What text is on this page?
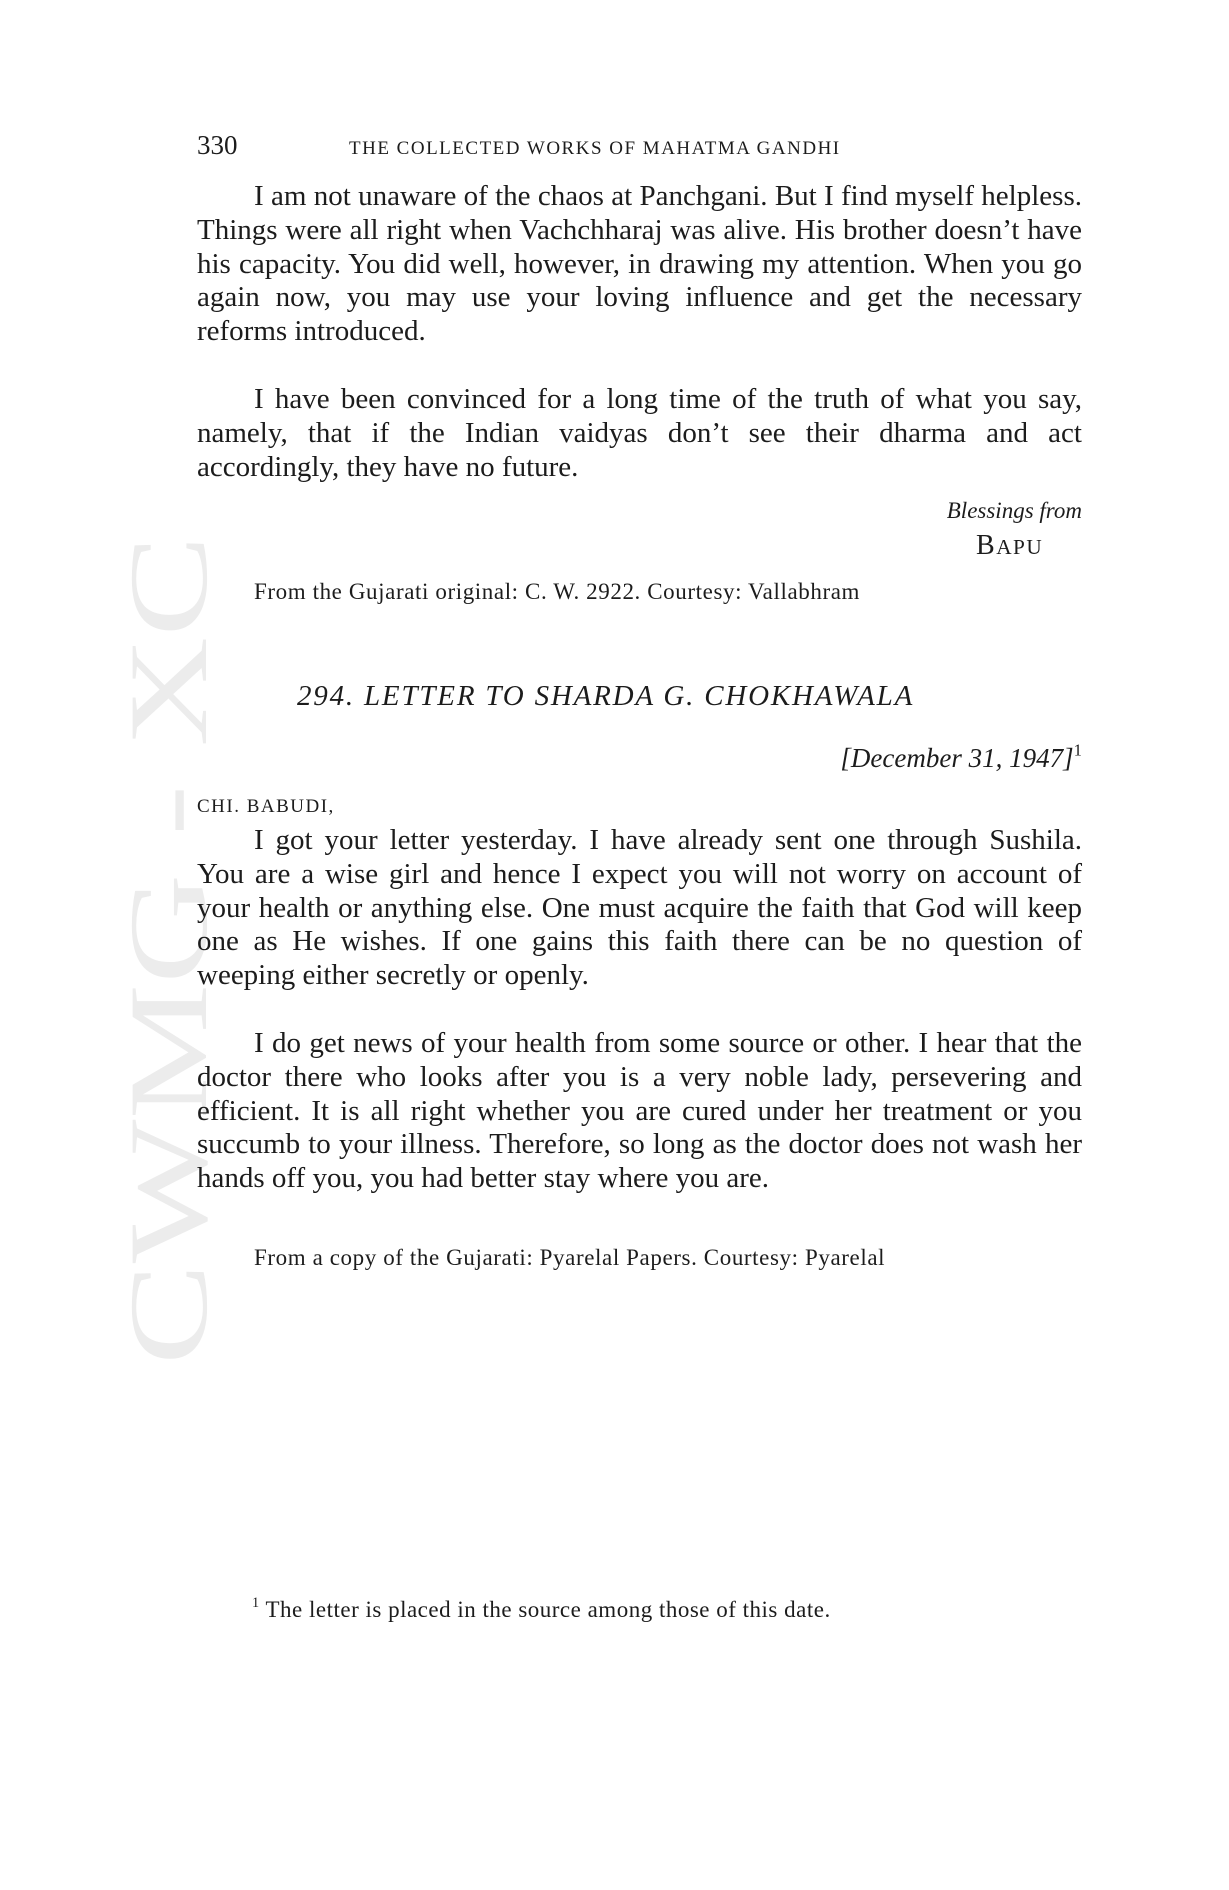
CWMG - XC
330	THE COLLECTED WORKS OF MAHATMA GANDHI

I am not unaware of the chaos at Panchgani. But I find myself helpless. Things were all right when Vachchharaj was alive. His brother doesn’t have his capacity. You did well, however, in drawing my attention. When you go again now, you may use your loving influence and get the necessary reforms introduced.

I have been convinced for a long time of the truth of what you say, namely, that if the Indian vaidyas don’t see their dharma and act accordingly, they have no future.

Blessings from
BAPU
From the Gujarati original: C. W. 2922. Courtesy: Vallabhram
294. LETTER TO SHARDA G. CHOKHAWALA
[December 31, 1947]$^1$
CHI. BABUDI,

I got your letter yesterday. I have already sent one through Sushila. You are a wise girl and hence I expect you will not worry on account of your health or anything else. One must acquire the faith that God will keep one as He wishes. If one gains this faith there can be no question of weeping either secretly or openly.

I do get news of your health from some source or other. I hear that the doctor there who looks after you is a very noble lady, persevering and efficient. It is all right whether you are cured under her treatment or you succumb to your illness. Therefore, so long as the doctor does not wash her hands off you, you had better stay where you are.

From a copy of the Gujarati: Pyarelal Papers. Courtesy: Pyarelal
$^1$ The letter is placed in the source among those of this date.
